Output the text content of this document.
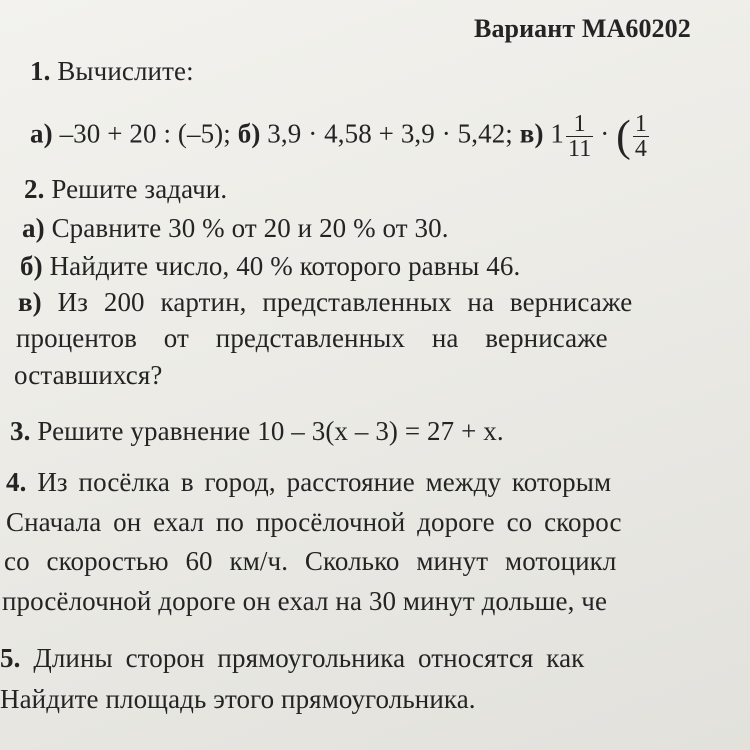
Вариант МА60202
1. Вычислите:
а) –30 + 20 : (–5); б) 3,9 · 4,58 + 3,9 · 5,42; в) $1 \frac{1}{11}$ · ( $\frac{1}{4}$
2. Решите задачи.
а) Сравните 30 % от 20 и 20 % от 30.
б) Найдите число, 40 % которого равны 46.
в) Из 200 картин, представленных на вернисаже
процентов от представленных на вернисаже
оставшихся?
3. Решите уравнение 10 – 3(x – 3) = 27 + x.
4. Из посёлка в город, расстояние между которым
Сначала он ехал по просёлочной дороге со скорос
со скоростью 60 км/ч. Сколько минут мотоцикл
просёлочной дороге он ехал на 30 минут дольше, че
5. Длины сторон прямоугольника относятся как
Найдите площадь этого прямоугольника.
